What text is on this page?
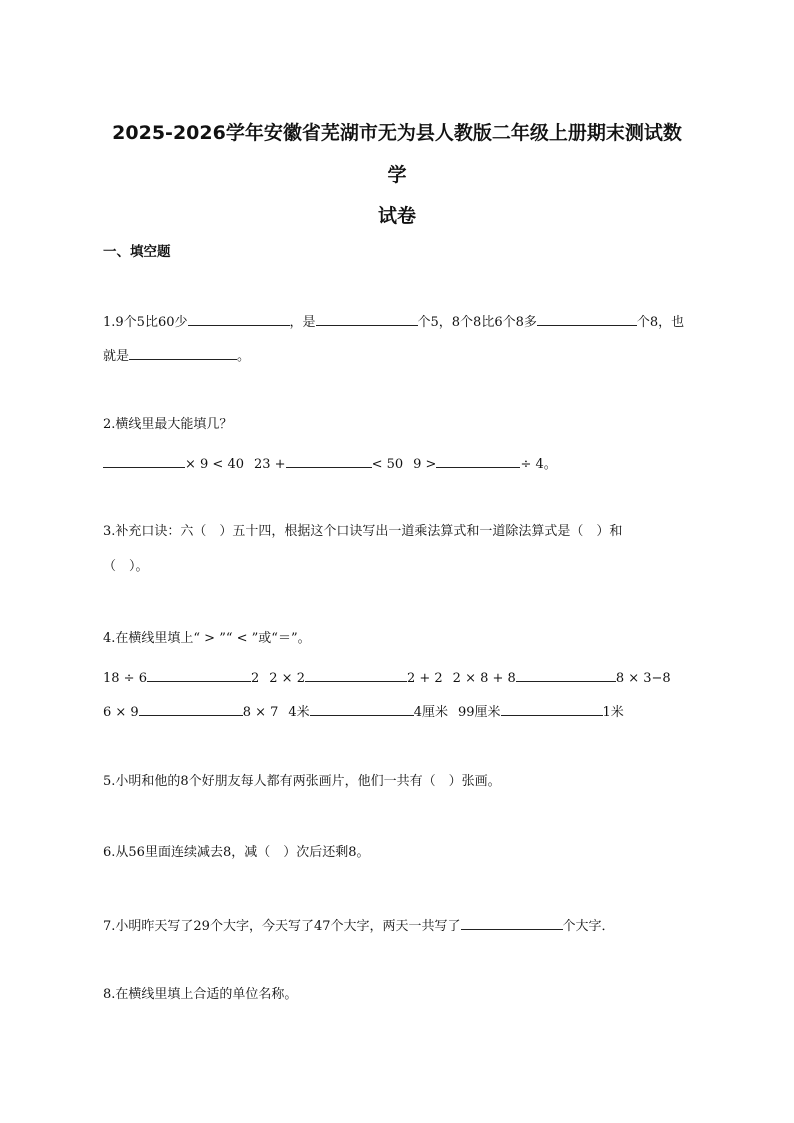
2025-2026学年安徽省芜湖市无为县人教版二年级上册期末测试数
学
试卷
一、填空题
1.9个5比60少	，是	个5，8个8比6个8多	个8，也
就是	。
2.横线里最大能填几？
× 9 < 40 23 +	< 50 9 >	÷ 4。
3.补充口诀：六（　）五十四，根据这个口诀写出一道乘法算式和一道除法算式是（　）和
（　）。
4.在横线里填上“ > ”“ < ”或“＝”。
18 ÷ 6	2 2 × 2	2 + 2 2 × 8 + 8	8 × 3−8
6 × 9	8 × 7 4米	4厘米 99厘米	1米
5.小明和他的8个好朋友每人都有两张画片，他们一共有（　）张画。
6.从56里面连续减去8，减（　）次后还剩8。
7.小明昨天写了29个大字，今天写了47个大字，两天一共写了	个大字．
8.在横线里填上合适的单位名称。
